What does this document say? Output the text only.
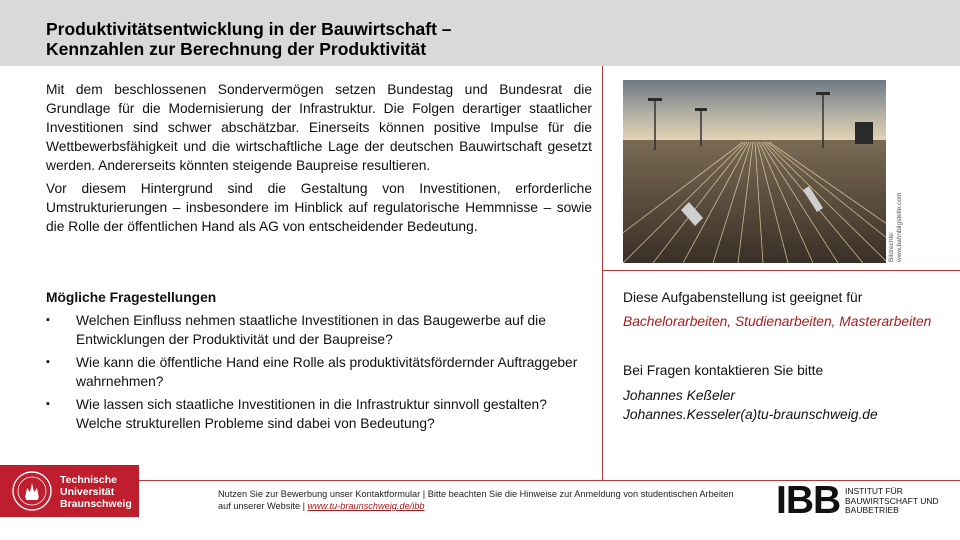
Produktivitätsentwicklung in der Bauwirtschaft –
Kennzahlen zur Berechnung der Produktivität

Mit dem beschlossenen Sondervermögen setzen Bundestag und Bundesrat die Grundlage für die Modernisierung der Infrastruktur. Die Folgen derartiger staatlicher Investitionen sind schwer abschätzbar. Einerseits können positive Impulse für die Wettbewerbsfähigkeit und die wirtschaftliche Lage der deutschen Bauwirtschaft gesetzt werden. Andererseits könnten steigende Baupreise resultieren.

Vor diesem Hintergrund sind die Gestaltung von Investitionen, erforderliche Umstrukturierungen – insbesondere im Hinblick auf regulatorische Hemmnisse – sowie die Rolle der öffentlichen Hand als AG von entscheidender Bedeutung.

Mögliche Fragestellungen
▪ Welchen Einfluss nehmen staatliche Investitionen in das Baugewerbe auf die Entwicklungen der Produktivität und der Baupreise?
▪ Wie kann die öffentliche Hand eine Rolle als produktivitätsfördernder Auftraggeber wahrnehmen?
▪ Wie lassen sich staatliche Investitionen in die Infrastruktur sinnvoll gestalten? Welche strukturellen Probleme sind dabei von Bedeutung?
Bildrechte: www.bahnbilgstelle.com
Diese Aufgabenstellung ist geeignet für
Bachelorarbeiten, Studienarbeiten, Masterarbeiten
Bei Fragen kontaktieren Sie bitte
Johannes Keßeler
Johannes.Kesseler(a)tu-braunschweig.de
Technische
Universität
Braunschweig
Nutzen Sie zur Bewerbung unser Kontaktformular | Bitte beachten Sie die Hinweise zur Anmeldung von studentischen Arbeiten auf unserer Website | www.tu-braunschweig.de/ibb	IBB INSTITUT FÜR
BAUWIRTSCHAFT UND
BAUBETRIEB
